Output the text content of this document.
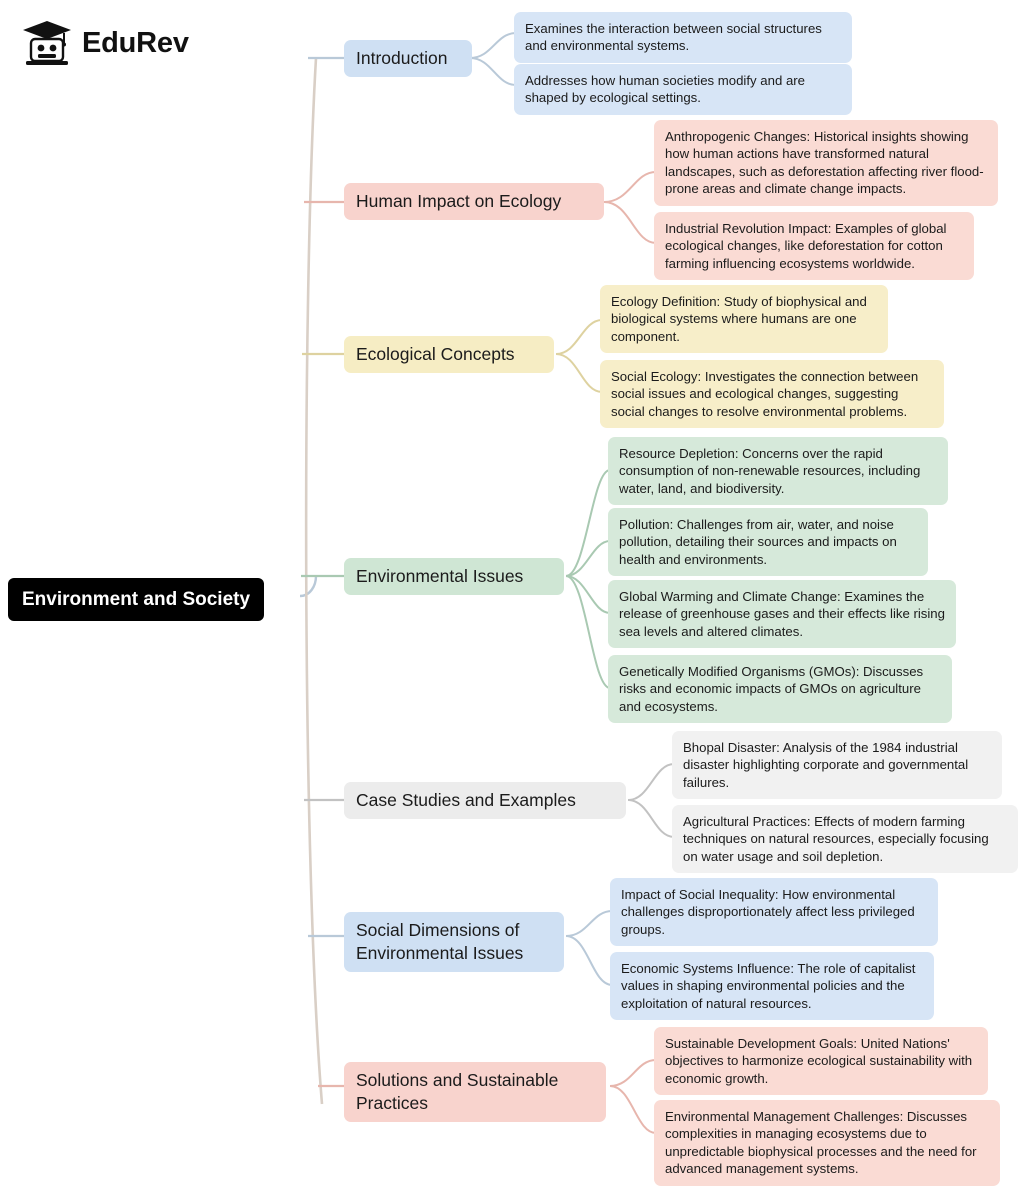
EduRev
Environment and Society
Introduction
Examines the interaction between social structures and environmental systems.
Addresses how human societies modify and are shaped by ecological settings.
Human Impact on Ecology
Anthropogenic Changes: Historical insights showing how human actions have transformed natural landscapes, such as deforestation affecting river flood-prone areas and climate change impacts.
Industrial Revolution Impact: Examples of global ecological changes, like deforestation for cotton farming influencing ecosystems worldwide.
Ecological Concepts
Ecology Definition: Study of biophysical and biological systems where humans are one component.
Social Ecology: Investigates the connection between social issues and ecological changes, suggesting social changes to resolve environmental problems.
Environmental Issues
Resource Depletion: Concerns over the rapid consumption of non-renewable resources, including water, land, and biodiversity.
Pollution: Challenges from air, water, and noise pollution, detailing their sources and impacts on health and environments.
Global Warming and Climate Change: Examines the release of greenhouse gases and their effects like rising sea levels and altered climates.
Genetically Modified Organisms (GMOs): Discusses risks and economic impacts of GMOs on agriculture and ecosystems.
Case Studies and Examples
Bhopal Disaster: Analysis of the 1984 industrial disaster highlighting corporate and governmental failures.
Agricultural Practices: Effects of modern farming techniques on natural resources, especially focusing on water usage and soil depletion.
Social Dimensions of Environmental Issues
Impact of Social Inequality: How environmental challenges disproportionately affect less privileged groups.
Economic Systems Influence: The role of capitalist values in shaping environmental policies and the exploitation of natural resources.
Solutions and Sustainable Practices
Sustainable Development Goals: United Nations' objectives to harmonize ecological sustainability with economic growth.
Environmental Management Challenges: Discusses complexities in managing ecosystems due to unpredictable biophysical processes and the need for advanced management systems.
